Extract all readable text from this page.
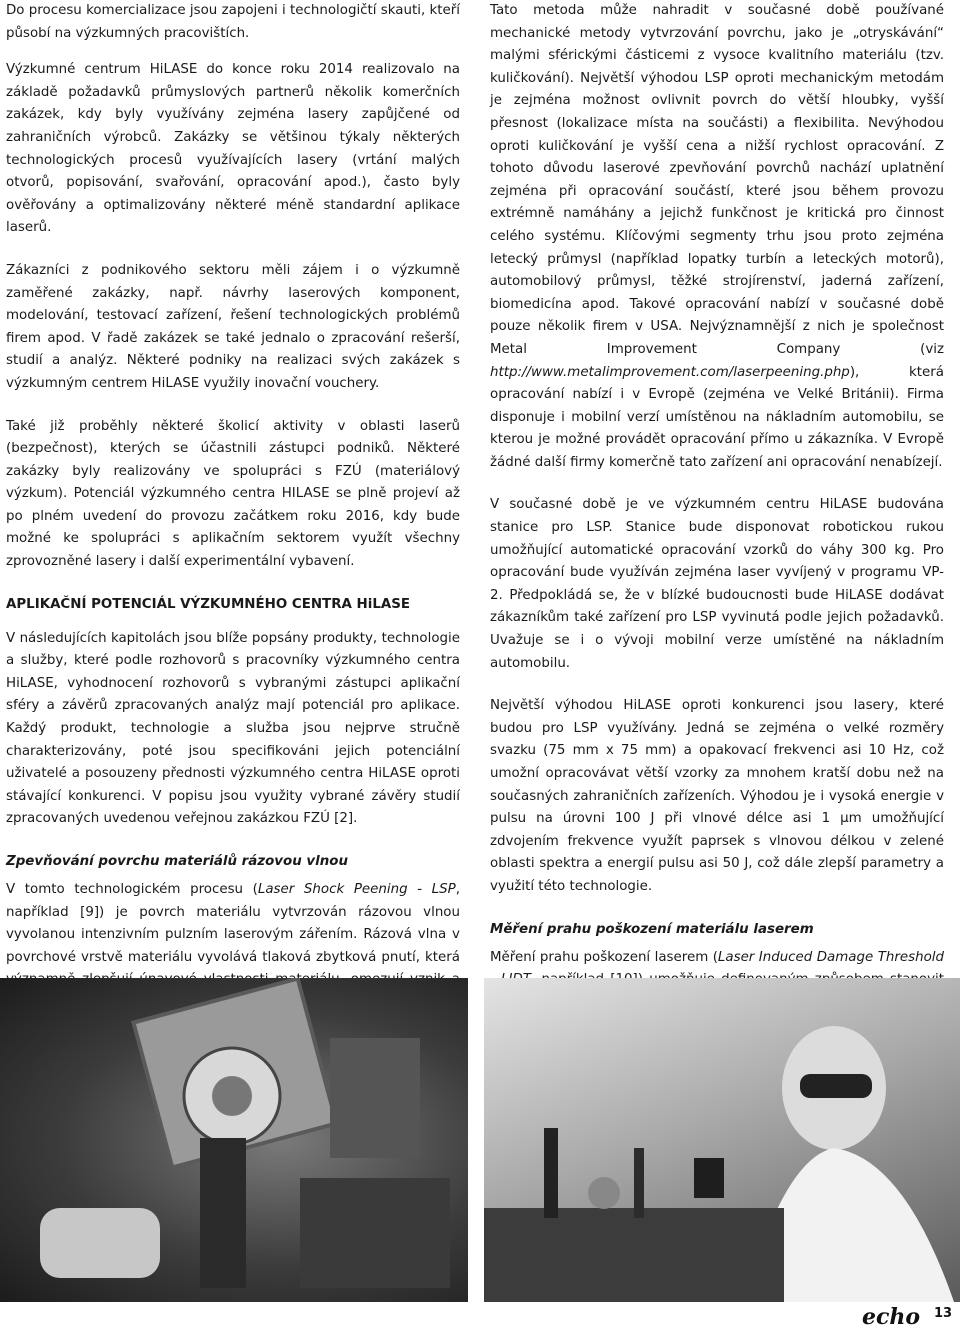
Do procesu komercializace jsou zapojeni i technologičtí skauti, kteří působí na výzkumných pracovištích.

Výzkumné centrum HiLASE do konce roku 2014 realizovalo na základě požadavků průmyslových partnerů několik komerčních zakázek, kdy byly využívány zejména lasery zapůjčené od zahraničních výrobců. Zakázky se většinou týkaly některých technologických procesů využívajících lasery (vrtání malých otvorů, popisování, svařování, opracování apod.), často byly ověřovány a optimalizovány některé méně standardní aplikace laserů.

Zákazníci z podnikového sektoru měli zájem i o výzkumně zaměřené zakázky, např. návrhy laserových komponent, modelování, testovací zařízení, řešení technologických problémů firem apod. V řadě zakázek se také jednalo o zpracování rešerší, studií a analýz. Některé podniky na realizaci svých zakázek s výzkumným centrem HiLASE využily inovační vouchery.

Také již proběhly některé školicí aktivity v oblasti laserů (bezpečnost), kterých se účastnili zástupci podniků. Některé zakázky byly realizovány ve spolupráci s FZÚ (materiálový výzkum). Potenciál výzkumného centra HILASE se plně projeví až po plném uvedení do provozu začátkem roku 2016, kdy bude možné ke spolupráci s aplikačním sektorem využít všechny zprovozněné lasery i další experimentální vybavení.

APLIKAČNÍ POTENCIÁL VÝZKUMNÉHO CENTRA HiLASE

V následujících kapitolách jsou blíže popsány produkty, technologie a služby, které podle rozhovorů s pracovníky výzkumného centra HiLASE, vyhodnocení rozhovorů s vybranými zástupci aplikační sféry a závěrů zpracovaných analýz mají potenciál pro aplikace. Každý produkt, technologie a služba jsou nejprve stručně charakterizovány, poté jsou specifikováni jejich potenciální uživatelé a posouzeny přednosti výzkumného centra HiLASE oproti stávající konkurenci. V popisu jsou využity vybrané závěry studií zpracovaných uvedenou veřejnou zakázkou FZÚ [2].

Zpevňování povrchu materiálů rázovou vlnou

V tomto technologickém procesu (Laser Shock Peening - LSP, například [9]) je povrch materiálu vytvrzován rázovou vlnou vyvolanou intenzivním pulzním laserovým zářením. Rázová vlna v povrchové vrstvě materiálu vyvolává tlaková zbytková pnutí, která

Tato metoda může nahradit v současné době používané mechanické metody vytvrzování povrchu, jako je „otryskávání“ malými sférickými částicemi z vysoce kvalitního materiálu (tzv. kuličkování). Největší výhodou LSP oproti mechanickým metodám je zejména možnost ovlivnit povrch do větší hloubky, vyšší přesnost (lokalizace místa na součásti) a flexibilita. Nevýhodou oproti kuličkování je vyšší cena a nižší rychlost opracování. Z tohoto důvodu laserové zpevňování povrchů nachází uplatnění zejména při opracování součástí, které jsou během provozu extrémně namáhány a jejichž funkčnost je kritická pro činnost celého systému. Klíčovými segmenty trhu jsou proto zejména letecký průmysl (například lopatky turbín a leteckých motorů), automobilový průmysl, těžké strojírenství, jaderná zařízení, biomedicína apod. Takové opracování nabízí v současné době pouze několik firem v USA. Nejvýznamnější z nich je společnost Metal Improvement Company (viz http://www.metalimprovement.com/laserpeening.php), která opracování nabízí i v Evropě (zejména ve Velké Británii). Firma disponuje i mobilní verzí umístěnou na nákladním automobilu, se kterou je možné provádět opracování přímo u zákazníka. V Evropě žádné další firmy komerčně tato zařízení ani opracování nenabízejí.

V současné době je ve výzkumném centru HiLASE budována stanice pro LSP. Stanice bude disponovat robotickou rukou umožňující automatické opracování vzorků do váhy 300 kg. Pro opracování bude využíván zejména laser vyvíjený v programu VP-2. Předpokládá se, že v blízké budoucnosti bude HiLASE dodávat zákazníkům také zařízení pro LSP vyvinutá podle jejich požadavků. Uvažuje se i o vývoji mobilní verze umístěné na nákladním automobilu.

Největší výhodou HiLASE oproti konkurenci jsou lasery, které budou pro LSP využívány. Jedná se zejména o velké rozměry svazku (75 mm x 75 mm) a opakovací frekvenci asi 10 Hz, což umožní opracovávat větší vzorky za mnohem kratší dobu než na současných zahraničních zařízeních. Výhodou je i vysoká energie v pulsu na úrovni 100 J při vlnové délce asi 1 µm umožňující zdvojením frekvence využít paprsek s vlnovou délkou v zelené oblasti spektra a energií pulsu asi 50 J, což dále zlepší parametry a využití této technologie.

Měření prahu poškození materiálu laserem

Měření prahu poškození laserem (Laser Induced Damage Threshold

echo 13
